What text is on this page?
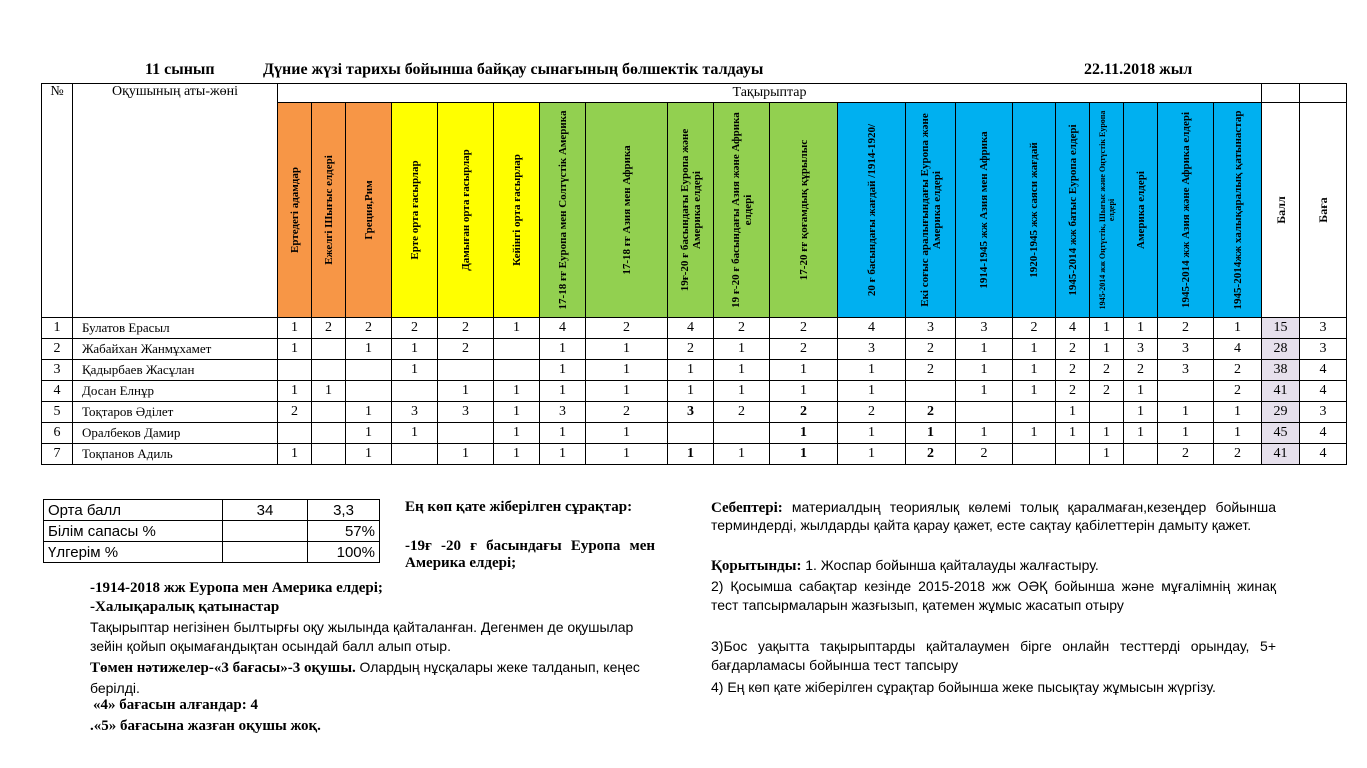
11 сынып	Дүние жүзі тарихы бойынша байқау сынағының бөлшектік талдауы	22.11.2018 жыл
№	Оқушының аты-жөні	Тақырыптар																					

		Ертедегі адамдар	Ежелгі Шығыс елдері	Греция,Рим	Ерте орта ғасырлар	Дамыған орта ғасырлар	Кейінгі орта ғасырлар	17-18 ғғ Еуропа мен Солтүстік Америка	17-18 ғғ Азия мен Африка	19ғ-20 ғ басындағы Еуропа және Америка елдері	19 ғ-20 ғ басындағы Азия және Африка елдері	17-20 ғғ қоғамдық құрылыс	20 ғ басындағы жағдай /1914-1920/	Екі соғыс аралығындағы Еуропа және Америка елдері	1914-1945 жж Азия мен Африка	1920-1945 жж саяси жағдай	1945-2014 жж батыс Еуропа елдері	1945-2014 жж Оңтүстік, Шығыс және Оңтүстік Еуропа елдері	Америка елдері	1945-2014 жж Азия және Африка елдері	1945-2014жж халықаралық қатынастар	Балл	Баға

1	Булатов Ерасыл	1	2	2	2	2	1	4	2	4	2	2	4	3	3	2	4	1	1	2	1	15	3
2	Жабайхан Жанмұхамет	1		1	1	2		1	1	2	1	2	3	2	1	1	2	1	3	3	4	28	3
3	Қадырбаев Жасұлан				1			1	1	1	1	1	1	2	1	1	2	2	2	3	2	38	4
4	Досан Елнұр	1	1			1	1	1	1	1	1	1	1		1	1	2	2	1		2	41	4
5	Тоқтаров Әділет	2		1	3	3	1	3	2	3	2	2	2	2			1		1	1	1	29	3
6	Оралбеков Дамир			1	1		1	1	1			1	1	1	1	1	1	1	1	1	1	45	4
7	Тоқпанов Адиль	1		1		1	1	1	1	1	1	1	1	2	2			1		2	2	41	4
Орта балл	34	3,3
Білім сапасы %		57%
Үлгерім %		100%
Ең көп қате жіберілген сұрақтар:
-19ғ -20 ғ басындағы Еуропа мен Америка елдері;
-1914-2018 жж Еуропа мен Америка елдері;
-Халықаралық қатынастар
Тақырыптар негізінен былтырғы оқу жылында қайталанған. Дегенмен де оқушылар зейін қойып оқымағандықтан осындай балл алып отыр.
Төмен нәтижелер-«3 бағасы»-3 оқушы. Олардың нұсқалары жеке талданып, кеңес берілді.
«4» бағасын алғандар: 4
.«5» бағасына жазған оқушы жоқ.
Себептері: материалдың теориялық көлемі толық қаралмаған,кезеңдер бойынша терминдерді, жылдарды қайта қарау қажет, есте сақтау қабілеттерін дамыту қажет.
Қорытынды: 1. Жоспар бойынша қайталауды жалғастыру.
2) Қосымша сабақтар кезінде 2015-2018 жж ОӘҚ бойынша және мұғалімнің жинақ тест тапсырмаларын жазғызып, қатемен жұмыс жасатып отыру
3)Бос уақытта тақырыптарды қайталаумен бірге онлайн тесттерді орындау, 5+ бағдарламасы бойынша тест тапсыру
4) Ең көп қате жіберілген сұрақтар бойынша жеке пысықтау жұмысын жүргізу.
